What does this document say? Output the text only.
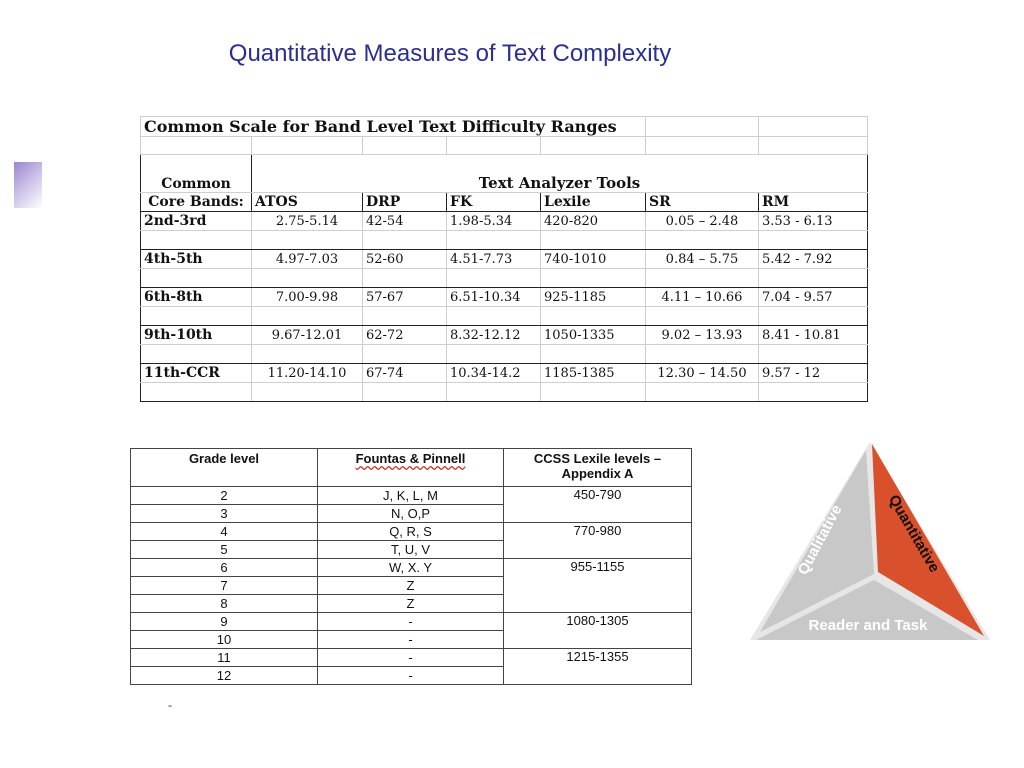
Quantitative Measures of Text Complexity
Common Scale for Band Level Text Difficulty Ranges						

Common	Text Analyzer Tools					
Core Bands:	ATOS	DRP	FK	Lexile	SR	RM
2nd-3rd	2.75-5.14	42-54	1.98-5.34	420-820	0.05 – 2.48	3.53 - 6.13

4th-5th	4.97-7.03	52-60	4.51-7.73	740-1010	0.84 – 5.75	5.42 - 7.92

6th-8th	7.00-9.98	57-67	6.51-10.34	925-1185	4.11 – 10.66	7.04 - 9.57

9th-10th	9.67-12.01	62-72	8.32-12.12	1050-1335	9.02 – 13.93	8.41 - 10.81

11th-CCR	11.20-14.10	67-74	10.34-14.2	1185-1385	12.30 – 14.50	9.57 - 12

Grade level	Fountas & Pinnell	CCSS Lexile levels –
Appendix A

2	J, K, L, M	450-790
3	N, O,P	
4	Q, R, S	770-980
5	T, U, V	
6	W, X. Y	955-1155
7	Z	
8	Z	
9	-	1080-1305
10	-	
11	-	1215-1355
12	-	
-
Qualitative	Quantitative
Reader and Task
